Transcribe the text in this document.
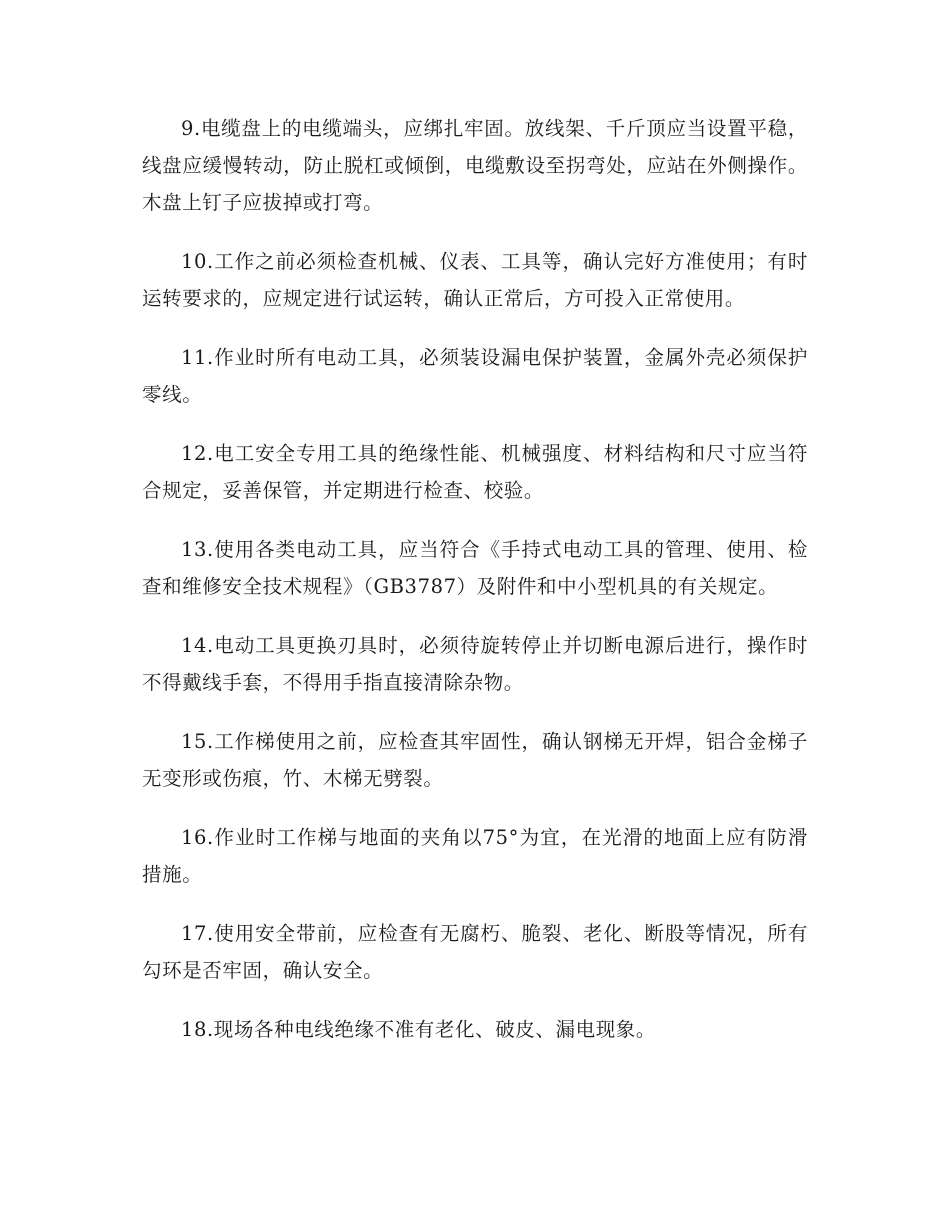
9.电缆盘上的电缆端头，应绑扎牢固。放线架、千斤顶应当设置平稳，线盘应缓慢转动，防止脱杠或倾倒，电缆敷设至拐弯处，应站在外侧操作。木盘上钉子应拔掉或打弯。

10.工作之前必须检查机械、仪表、工具等，确认完好方准使用；有时运转要求的，应规定进行试运转，确认正常后，方可投入正常使用。

11.作业时所有电动工具，必须装设漏电保护装置，金属外壳必须保护零线。

12.电工安全专用工具的绝缘性能、机械强度、材料结构和尺寸应当符合规定，妥善保管，并定期进行检查、校验。

13.使用各类电动工具，应当符合《手持式电动工具的管理、使用、检查和维修安全技术规程》（GB3787）及附件和中小型机具的有关规定。

14.电动工具更换刃具时，必须待旋转停止并切断电源后进行，操作时不得戴线手套，不得用手指直接清除杂物。

15.工作梯使用之前，应检查其牢固性，确认钢梯无开焊，铝合金梯子无变形或伤痕，竹、木梯无劈裂。

16.作业时工作梯与地面的夹角以75°为宜，在光滑的地面上应有防滑措施。

17.使用安全带前，应检查有无腐朽、脆裂、老化、断股等情况，所有勾环是否牢固，确认安全。

18.现场各种电线绝缘不准有老化、破皮、漏电现象。
